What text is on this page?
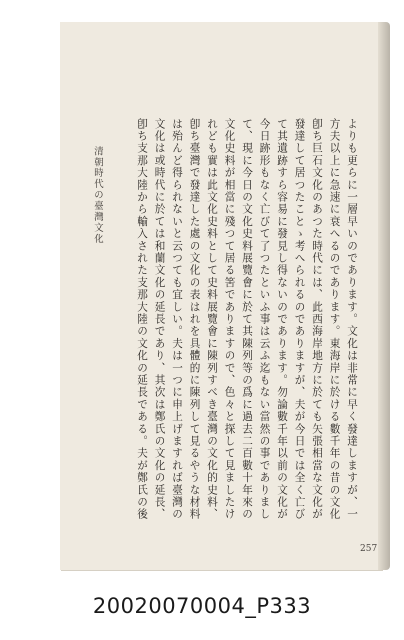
清朝時代の臺灣文化	よりも更らに一層早いのであります。文化は非常に早く發達しますが、一
方夫以上に急速に衰へるのであります。東海岸に於ける數千年の昔の文化
卽ち巨石文化のあつた時代には、此西海岸地方に於ても矢張相當な文化が
發達して居つたことゝ考へられるのでありますが、夫が今日では全く亡び
て其遺跡すら容易に發見し得ないのであります。勿論數千年以前の文化が
今日跡形もなく亡びて了つたといふ事は云ふ迄もない當然の事でありまし
て、現に今日の文化史料展覽會に於て其陳列等の爲に過去二百數十年來の
文化史料が相當に殘つて居る筈でありますので、色々と探して見ましたけ
れども實は此文化史料として史料展覽會に陳列すべき臺灣の文化的史料、
卽ち臺灣で發達した處の文化の表はれを具體的に陳列して見るやうな材料
は殆んど得られないと云つても宜しい。夫は一つに申上げますれば臺灣の
文化は或時代に於ては和蘭文化の延長であり、其次は鄭氏の文化の延長、
卽ち支那大陸から輸入された支那大陸の文化の延長である。夫が鄭氏の後
257
20020070004_P333
